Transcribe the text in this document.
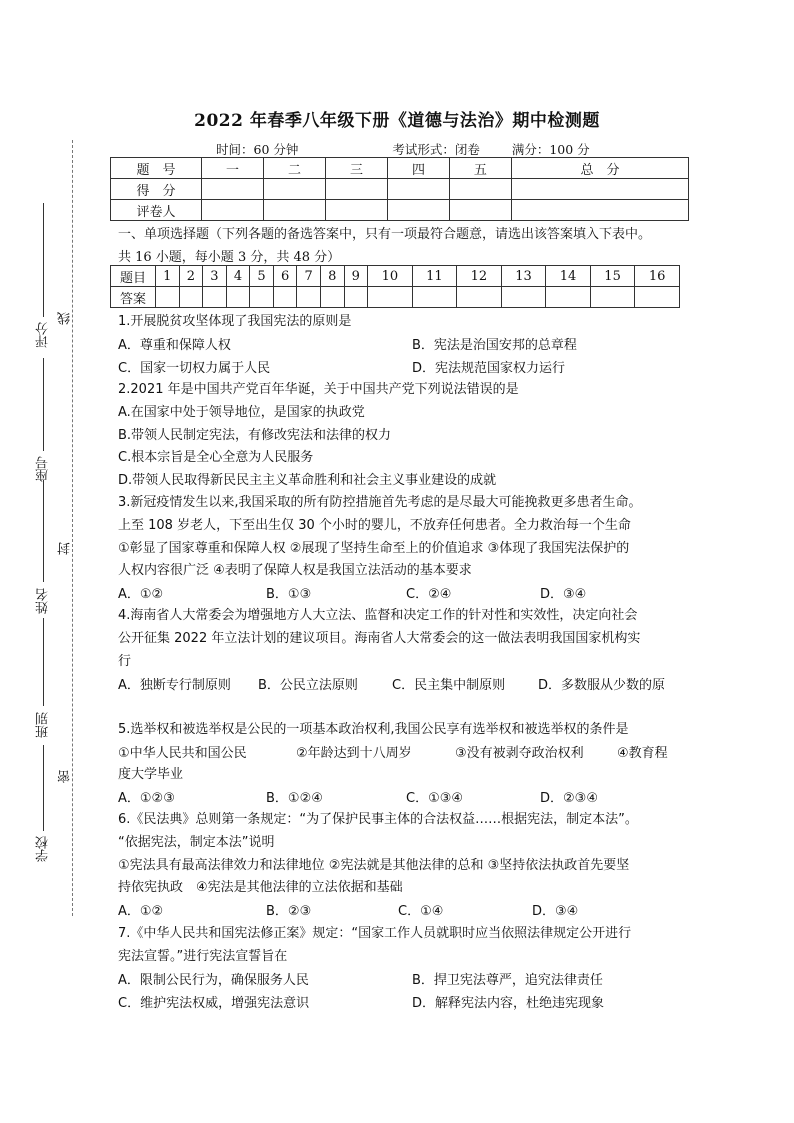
2022 年春季八年级下册《道德与法治》期中检测题
时间：60 分钟	考试形式：闭卷	满分：100 分
评分
线
座号
封
姓名
班别
密
学校
题　号	一	二	三	四	五	总　分
得　分						
评卷人						
一、单项选择题（下列各题的备选答案中，只有一项最符合题意，请选出该答案填入下表中。
共 16 小题，每小题 3 分，共 48 分）
题目	1	2	3	4	5	6	7	8	9	10	11	12	13	14	15	16
答案																
1.开展脱贫攻坚体现了我国宪法的原则是
A．尊重和保障人权	B．宪法是治国安邦的总章程
C．国家一切权力属于人民	D．宪法规范国家权力运行
2.2021 年是中国共产党百年华诞，关于中国共产党下列说法错误的是
A.在国家中处于领导地位，是国家的执政党
B.带领人民制定宪法，有修改宪法和法律的权力
C.根本宗旨是全心全意为人民服务
D.带领人民取得新民民主主义革命胜利和社会主义事业建设的成就
3.新冠疫情发生以来,我国采取的所有防控措施首先考虑的是尽最大可能挽救更多患者生命。
上至 108 岁老人，下至出生仅 30 个小时的婴儿，不放弃任何患者。全力救治每一个生命
①彰显了国家尊重和保障人权 ②展现了坚持生命至上的价值追求 ③体现了我国宪法保护的
人权内容很广泛 ④表明了保障人权是我国立法活动的基本要求
A．①②	B．①③	C．②④	D．③④
4.海南省人大常委会为增强地方人大立法、监督和决定工作的针对性和实效性，决定向社会
公开征集 2022 年立法计划的建议项目。海南省人大常委会的这一做法表明我国国家机构实
行
A．独断专行制原则 B．公民立法原则	C．民主集中制原则	D．多数服从少数的原
5.选举权和被选举权是公民的一项基本政治权利,我国公民享有选举权和被选举权的条件是
①中华人民共和国公民	②年龄达到十八周岁	③没有被剥夺政治权利	④教育程
度大学毕业
A．①②③	B．①②④	C．①③④	D．②③④
6.《民法典》总则第一条规定：“为了保护民事主体的合法权益……根据宪法，制定本法”。
“依据宪法，制定本法”说明
①宪法具有最高法律效力和法律地位 ②宪法就是其他法律的总和 ③坚持依法执政首先要坚
持依宪执政　④宪法是其他法律的立法依据和基础
A．①②	B．②③	C．①④	D．③④
7.《中华人民共和国宪法修正案》规定：“国家工作人员就职时应当依照法律规定公开进行
宪法宣誓。”进行宪法宣誓旨在
A．限制公民行为，确保服务人民	B．捍卫宪法尊严，追究法律责任
C．维护宪法权威，增强宪法意识	D．解释宪法内容，杜绝违宪现象
